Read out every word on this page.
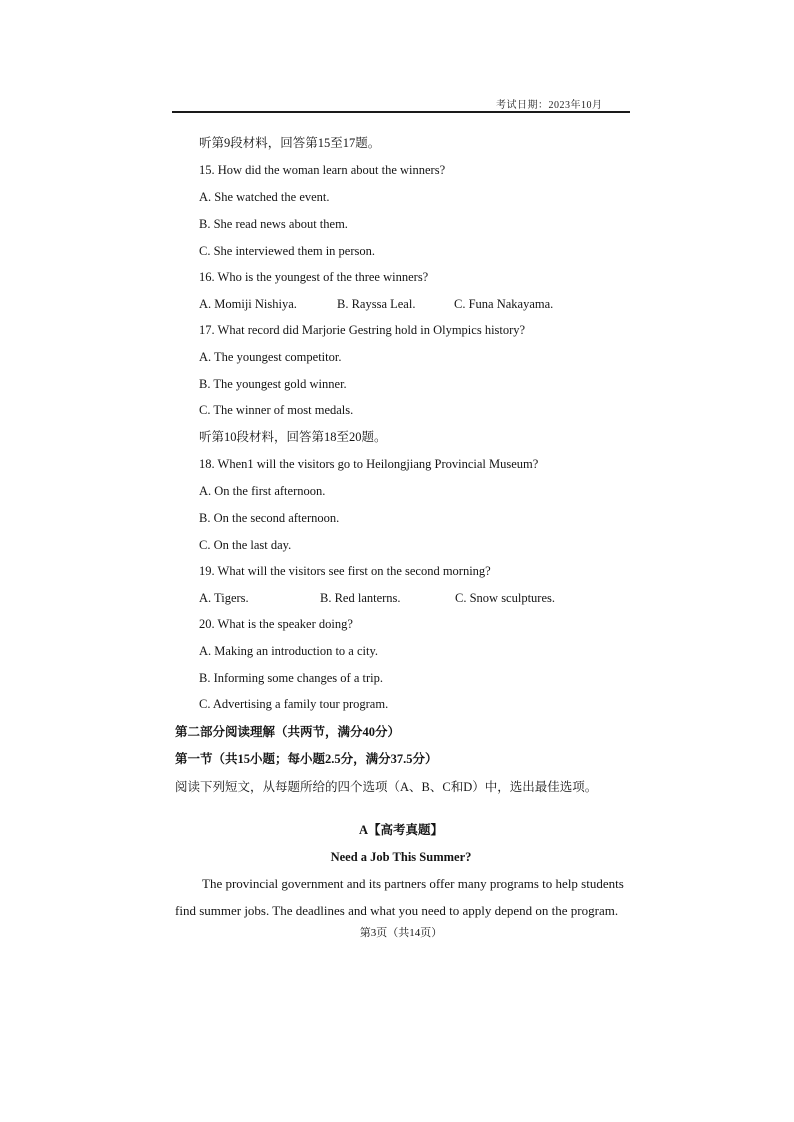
考试日期：2023年10月
听第9段材料，回答第15至17题。
15. How did the woman learn about the winners?
A. She watched the event.
B. She read news about them.
C. She interviewed them in person.
16. Who is the youngest of the three winners?
A. Momiji Nishiya.	B. Rayssa Leal.	C. Funa Nakayama.
17. What record did Marjorie Gestring hold in Olympics history?
A. The youngest competitor.
B. The youngest gold winner.
C. The winner of most medals.
听第10段材料，回答第18至20题。
18. When1 will the visitors go to Heilongjiang Provincial Museum?
A. On the first afternoon.
B. On the second afternoon.
C. On the last day.
19. What will the visitors see first on the second morning?
A. Tigers.	B. Red lanterns.	C. Snow sculptures.
20. What is the speaker doing?
A. Making an introduction to a city.
B. Informing some changes of a trip.
C. Advertising a family tour program.
第二部分阅读理解（共两节，满分40分）
第一节（共15小题；每小题2.5分，满分37.5分）
阅读下列短文，从每题所给的四个选项（A、B、C和D）中，选出最佳选项。
A【高考真题】
Need a Job This Summer?
The provincial government and its partners offer many programs to help students
find summer jobs. The deadlines and what you need to apply depend on the program.
第3页（共14页）
